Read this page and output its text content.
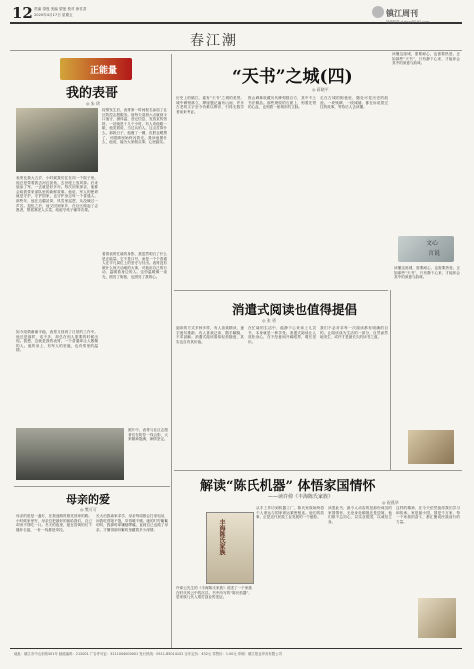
12 责编 望莲 美编 望莲 校对 徐茗香
2020年4月17日 星期五
春江潮
镇江周刊
投稿邮箱 zjzhyy@163.com
正能量
我的表哥
◎ 朱 珍
表哥比我大五岁，小时候我们住在同一个院子里。他总是带着我去河边捉鱼，去田埂上放风筝。后来他参了军，一去就是好多年。每次回家探亲，他都会给我带来部队里的新鲜故事。他说，军人的使命就是守护，守护国家，也守护身边每一个普通人。那些年，他在边疆站岗，风雪里巡逻，从没喊过一声苦。退伍之后，他又回到家乡，在社区做起了志愿者，帮孤寡老人买菜，给留守孩子辅导功课。
疫情发生后，表哥第一时间报名参加了社区防控志愿服务。他每天清晨六点就到卡口值守，测体温、登记信息、发放宣传资料，一站就是十几个小时。有人劝他歇一歇，他笑着说，当过兵的人，这点苦算什么。那段日子，他瘦了一圈，皮肤也晒黑了，可眼睛里始终闪着光。我问他图什么，他说，能为大家做点事，心里踏实。
看着表哥忙碌的身影，我忽然明白了什么是正能量。它不是口号，而是一个个普通人在平凡岗位上的坚守与付出。表哥没有做什么惊天动地的大事，可他用自己的行动，温暖着身边的人。这份温暖像一束光，照亮了街巷，也照亮了我的心。
如今疫情渐渐平稳，表哥又回到了日常的工作中。他还是那样，话不多，却总在别人需要的时候出现。我想，这就是我的表哥，一个普通却让人敬佩的人。他的身上，有军人的坚毅，也有邻里的温情。
照片中，表哥与社区志愿者们在防控一线合影，大家精神饱满，神情坚定。
母亲的爱
◎ 樊可可
母亲的爱是一盏灯，在我迷路时照亮回家的路。小时候家里穷，母亲总把最好的留给我们，自己却舍不得吃一口。冬天的夜里，她在昏黄的灯下缝补衣裳，一针一线都是牵挂。
长大后我离家求学，母亲每周都会打来电话，问我吃得饱不饱，穿得暖不暖。她的叮咛絮絮叨叨，我那时却嫌她啰嗦。直到自己也做了母亲，才懂得那份絮叨里藏着多少深情。
“天书”之城(四)
◎ 蒋晓平
历史上的镇江，素有“天书”之城的美誉。城中碑刻林立，摩崖题记遍布山间，许多古老的文字至今仍难以辨识，引得无数学者前来考证。
焦山碑林收藏历代碑刻数百方，其中不乏书法精品。那些斑驳的石面上，刻着先贤的心血，也刻着一座城市的文脉。
走在古城的街巷里，随处可见历史的痕迹。一块残碑，一段城墙，都在诉说着过往的故事，等待后人去读懂。
读懂这座城，需要耐心，也需要热爱。正如那些“天书”，只有静下心来，才能体会其中的深意与韵味。
文心
言说
消遣式阅读也值得提倡
◎ 张 勇
阅读的方式多种多样，有人喜欢精读，逐字逐句推敲；有人喜欢泛读，随手翻阅，不求甚解。消遣式阅读看似轻松随意，其实也自有其价值。
在忙碌的生活中，能静下心来读上几页书，本身就是一种享受。消遣式阅读让人放松身心，在不经意间开阔眼界，增长见识。
我们不必苛求每一次阅读都有明确的目的。让阅读成为生活的一部分，自然而然地发生，或许才是最长久的读书之道。
读懂这座城，需要耐心，也需要热爱。正如那些“天书”，只有静下心来，才能体会其中的深意与韵味。
解读“陈氏机器” 体悟家国情怀
——读许倬《丰海陈氏家族》
◎ 祝燕华
丰海陈氏家族
许倬云先生的《丰海陈氏家族》讲述了一个家族在时代风云中的沉浮。书中所写的“陈氏机器”，是家族几代人艰苦创业的见证。
从手工作坊到机器工厂，陈氏家族始终将个人命运与国家命运紧密相连。他们的故事，正是近代民族工业发展的一个缩影。
读罢此书，最令人动容的是那份深沉的家国情怀。无论身处顺境还是逆境，他们都不忘初心，以实业报国，以诚信立身。
这样的精神，在今天依然值得我们学习和传承。家是最小国，国是千万家，每一个家族的奋斗，都汇聚成民族前行的力量。
地址：镇江市中山东路301号 邮政编码：212001 广告许可证：3211004000001 发行热线：0511-85014102 全年定价：432元 零售价：1.00元 印刷：镇江报业印务有限公司
